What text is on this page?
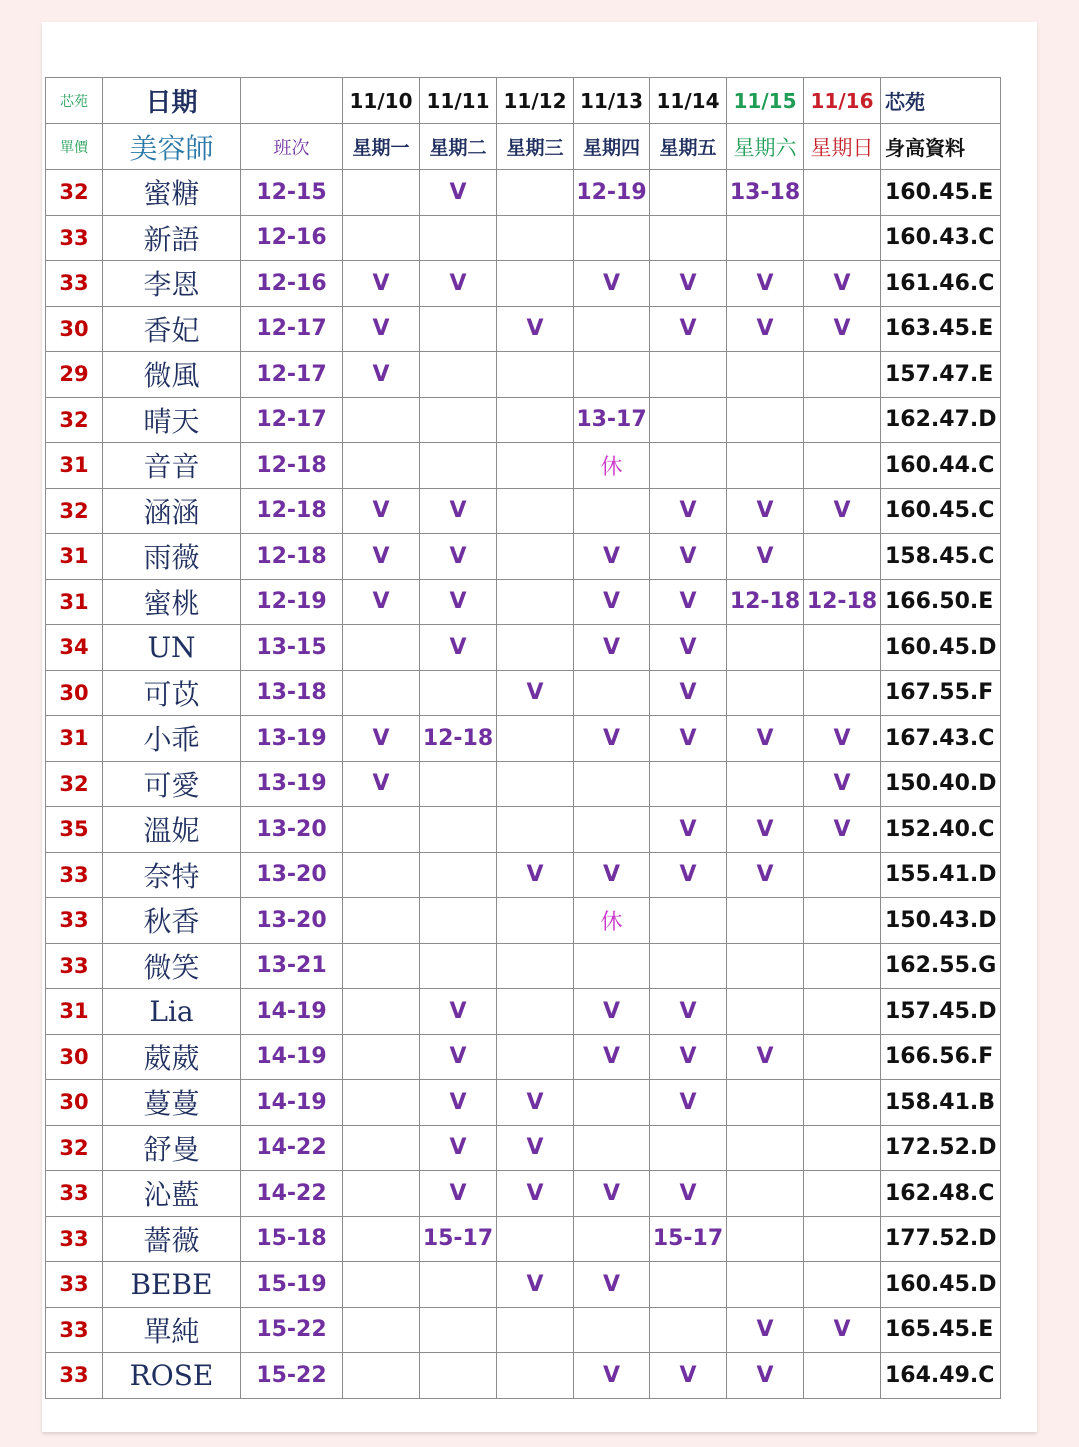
芯苑	日期		11/10	11/11	11/12	11/13	11/14	11/15	11/16	芯苑
單價	美容師	班次	星期一	星期二	星期三	星期四	星期五	星期六	星期日	身高資料
32	蜜糖	12-15		V		12-19		13-18		160.45.E
33	新語	12-16								160.43.C
33	李恩	12-16	V	V		V	V	V	V	161.46.C
30	香妃	12-17	V		V		V	V	V	163.45.E
29	微風	12-17	V							157.47.E
32	晴天	12-17				13-17				162.47.D
31	音音	12-18				休				160.44.C
32	涵涵	12-18	V	V			V	V	V	160.45.C
31	雨薇	12-18	V	V		V	V	V		158.45.C
31	蜜桃	12-19	V	V		V	V	12-18	12-18	166.50.E
34	UN	13-15		V		V	V			160.45.D
30	可苡	13-18			V		V			167.55.F
31	小乖	13-19	V	12-18		V	V	V	V	167.43.C
32	可愛	13-19	V						V	150.40.D
35	溫妮	13-20					V	V	V	152.40.C
33	奈特	13-20			V	V	V	V		155.41.D
33	秋香	13-20				休				150.43.D
33	微笑	13-21								162.55.G
31	Lia	14-19		V		V	V			157.45.D
30	葳葳	14-19		V		V	V	V		166.56.F
30	蔓蔓	14-19		V	V		V			158.41.B
32	舒曼	14-22		V	V					172.52.D
33	沁藍	14-22		V	V	V	V			162.48.C
33	薔薇	15-18		15-17			15-17			177.52.D
33	BEBE	15-19			V	V				160.45.D
33	單純	15-22						V	V	165.45.E
33	ROSE	15-22				V	V	V		164.49.C
